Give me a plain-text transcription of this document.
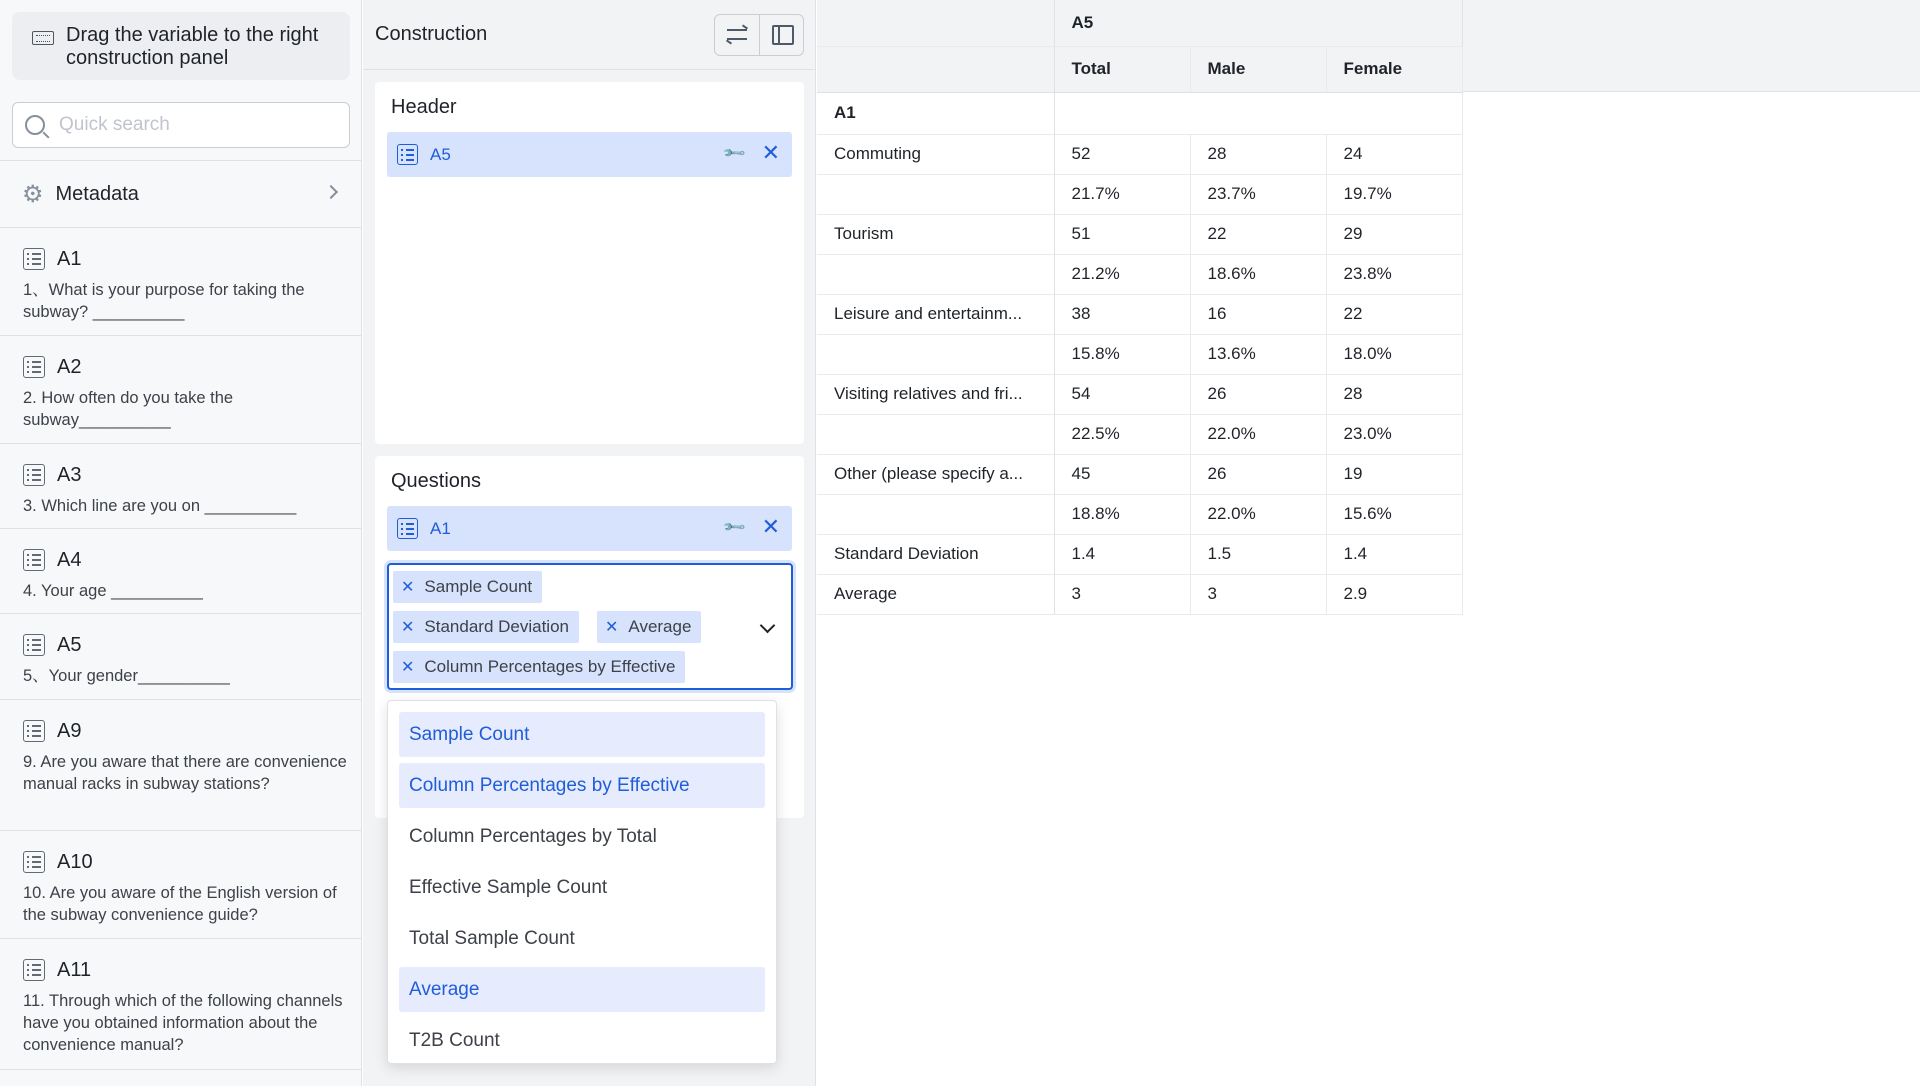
Drag the variable to the right construction panel
Quick search
⚙ Metadata
A1
1、What is your purpose for taking the subway? __________
A2
2. How often do you take the subway__________
A3
3. Which line are you on __________
A4
4. Your age __________
A5
5、Your gender__________
A9
9. Are you aware that there are convenience manual racks in subway stations?
A10
10. Are you aware of the English version of the subway convenience guide?
A11
11. Through which of the following channels have you obtained information about the convenience manual?
Construction
Header
A5	🔧 ✕
Questions
A1	🔧 ✕
✕ Sample Count
✕ Standard Deviation ✕ Average
✕ Column Percentages by Effective
Sample Count
Column Percentages by Effective
Column Percentages by Total
Effective Sample Count
Total Sample Count
Average
T2B Count
	A5		
	Total	Male	Female
A1			
Commuting	52	28	24
	21.7%	23.7%	19.7%
Tourism	51	22	29
	21.2%	18.6%	23.8%
Leisure and entertainm...	38	16	22
	15.8%	13.6%	18.0%
Visiting relatives and fri...	54	26	28
	22.5%	22.0%	23.0%
Other (please specify a...	45	26	19
	18.8%	22.0%	15.6%
Standard Deviation	1.4	1.5	1.4
Average	3	3	2.9
